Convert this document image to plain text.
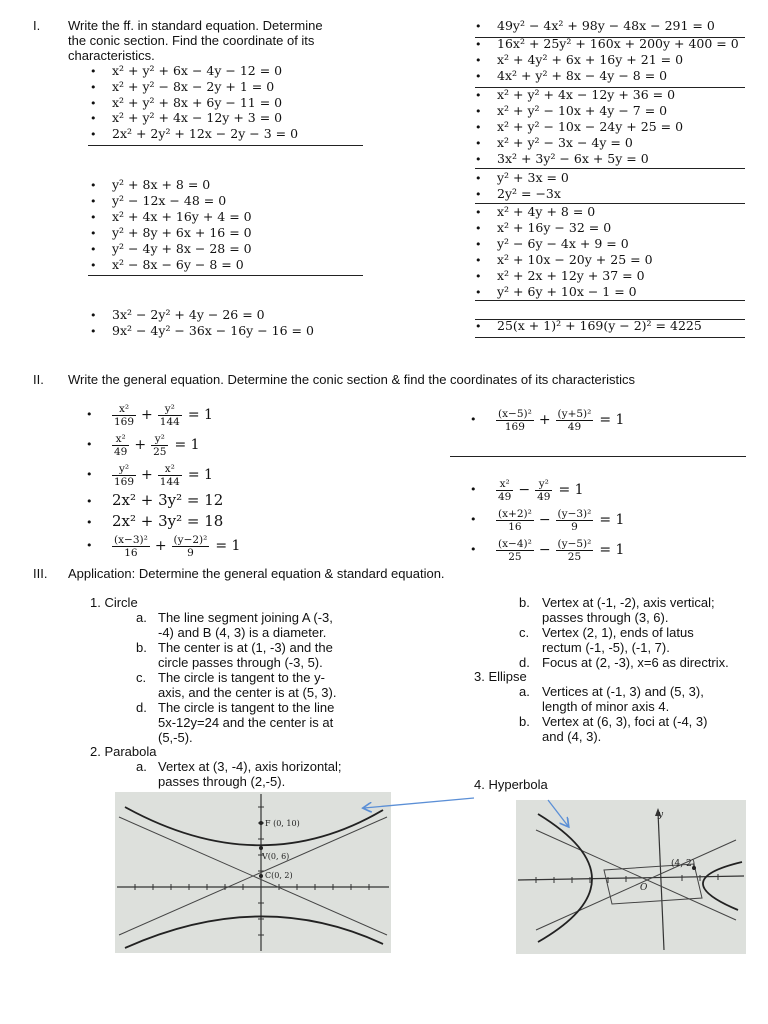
I. Write the ff. in standard equation. Determine
the conic section. Find the coordinate of its
characteristics.
• x² + y² + 6x − 4y − 12 = 0
• x² + y² − 8x − 2y + 1 = 0
• x² + y² + 8x + 6y − 11 = 0
• x² + y² + 4x − 12y + 3 = 0
• 2x² + 2y² + 12x − 2y − 3 = 0
• y² + 8x + 8 = 0
• y² − 12x − 48 = 0
• x² + 4x + 16y + 4 = 0
• y² + 8y + 6x + 16 = 0
• y² − 4y + 8x − 28 = 0
• x² − 8x − 6y − 8 = 0
• 3x² − 2y² + 4y − 26 = 0
• 9x² − 4y² − 36x − 16y − 16 = 0
• 49y² − 4x² + 98y − 48x − 291 = 0
• 16x² + 25y² + 160x + 200y + 400 = 0
• x² + 4y² + 6x + 16y + 21 = 0
• 4x² + y² + 8x − 4y − 8 = 0
• x² + y² + 4x − 12y + 36 = 0
• x² + y² − 10x + 4y − 7 = 0
• x² + y² − 10x − 24y + 25 = 0
• x² + y² − 3x − 4y = 0
• 3x² + 3y² − 6x + 5y = 0
• y² + 3x = 0
• 2y² = −3x
• x² + 4y + 8 = 0
• x² + 16y − 32 = 0
• y² − 6y − 4x + 9 = 0
• x² + 10x − 20y + 25 = 0
• x² + 2x + 12y + 37 = 0
• y² + 6y + 10x − 1 = 0
• 25(x + 1)² + 169(y − 2)² = 4225
II. Write the general equation. Determine the conic section & find the coordinates of its characteristics
• $\frac{\text{x²}}{169} + \frac{\text{y²}}{144} = 1$
• $\frac{\text{x²}}{49} + \frac{\text{y²}}{25} = 1$
• $\frac{\text{y²}}{169} + \frac{\text{x²}}{144} = 1$
• 2x² + 3y² = 12
• 2x² + 3y² = 18
• $\frac{\text{(x−3)²}}{16} + \frac{\text{(y−2)²}}{9} = 1$
• $\frac{\text{(x−5)²}}{169} + \frac{\text{(y+5)²}}{49} = 1$
• $\frac{\text{x²}}{49} - \frac{\text{y²}}{49} = 1$
• $\frac{\text{(x+2)²}}{16} - \frac{\text{(y−3)²}}{9} = 1$
• $\frac{\text{(x−4)²}}{25} - \frac{\text{(y−5)²}}{25} = 1$
III. Application: Determine the general equation & standard equation.
1. Circle
a. The line segment joining A (-3,
-4) and B (4, 3) is a diameter.
b. The center is at (1, -3) and the
circle passes through (-3, 5).
c. The circle is tangent to the y-
axis, and the center is at (5, 3).
d. The circle is tangent to the line
5x-12y=24 and the center is at
(5,-5).
2. Parabola
a. Vertex at (3, -4), axis horizontal;
passes through (2,-5).
b. Vertex at (-1, -2), axis vertical;
passes through (3, 6).
c. Vertex (2, 1), ends of latus
rectum (-1, -5), (-1, 7).
d. Focus at (2, -3), x=6 as directrix.
3. Ellipse
a. Vertices at (-1, 3) and (5, 3),
length of minor axis 4.
b. Vertex at (6, 3), foci at (-4, 3)
and (4, 3).
4. Hyperbola
F (0, 10)
V(0, 6)
C(0, 2)
(4, 2)
y
O
